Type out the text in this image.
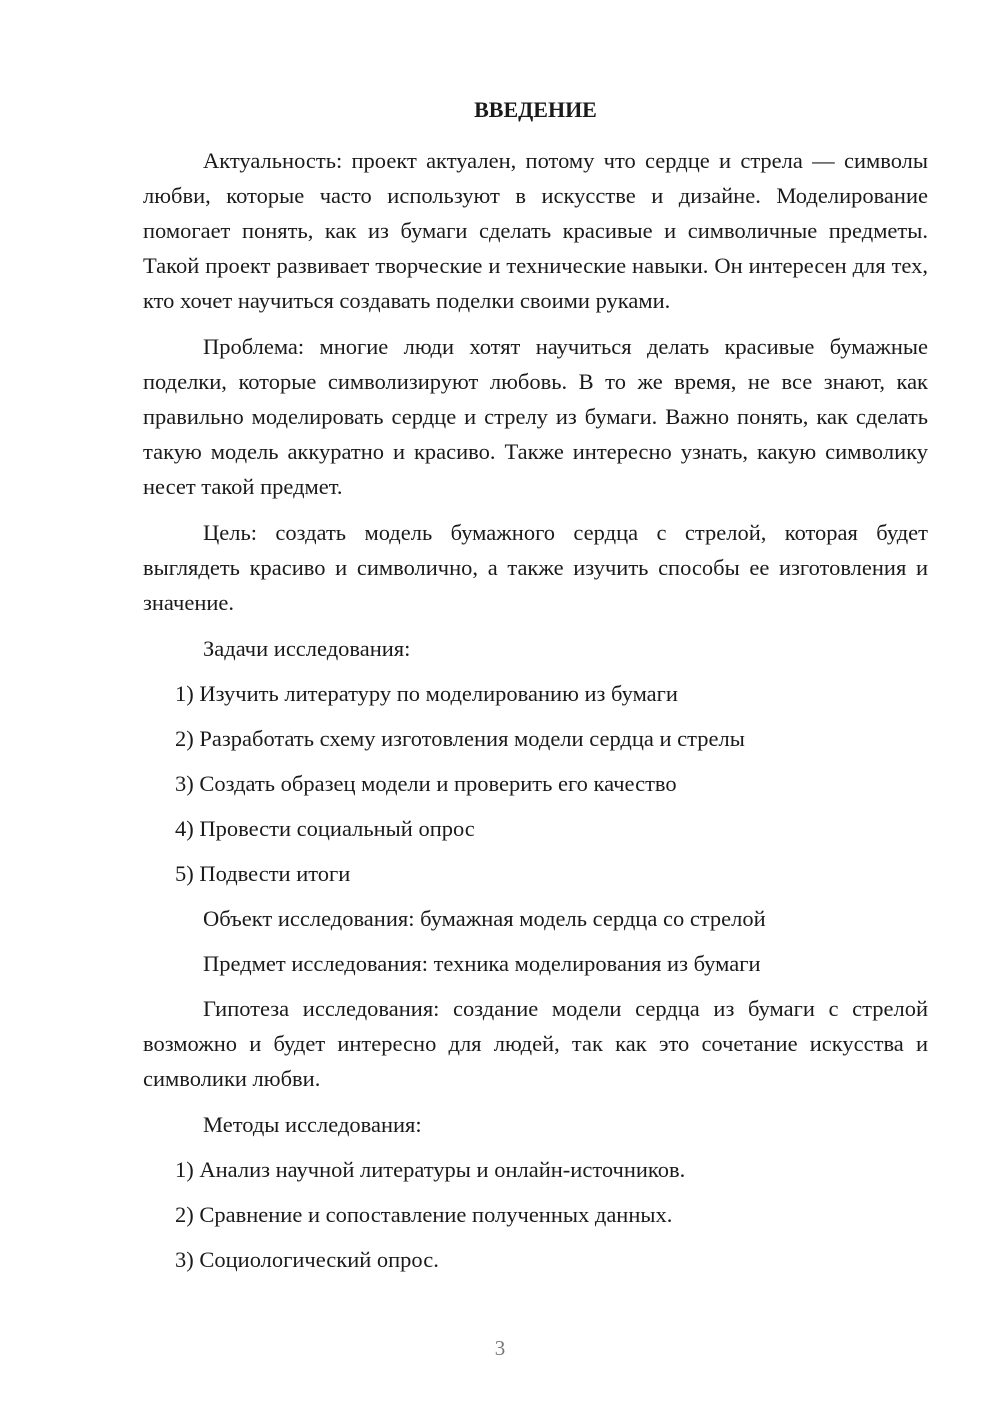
ВВЕДЕНИЕ

Актуальность: проект актуален, потому что сердце и стрела — символы любви, которые часто используют в искусстве и дизайне. Моделирование помогает понять, как из бумаги сделать красивые и символичные предметы. Такой проект развивает творческие и технические навыки. Он интересен для тех, кто хочет научиться создавать поделки своими руками.

Проблема: многие люди хотят научиться делать красивые бумажные поделки, которые символизируют любовь. В то же время, не все знают, как правильно моделировать сердце и стрелу из бумаги. Важно понять, как сделать такую модель аккуратно и красиво. Также интересно узнать, какую символику несет такой предмет.

Цель: создать модель бумажного сердца с стрелой, которая будет выглядеть красиво и символично, а также изучить способы ее изготовления и значение.

Задачи исследования:
1) Изучить литературу по моделированию из бумаги
2) Разработать схему изготовления модели сердца и стрелы
3) Создать образец модели и проверить его качество
4) Провести социальный опрос
5) Подвести итоги
Объект исследования: бумажная модель сердца со стрелой
Предмет исследования: техника моделирования из бумаги

Гипотеза исследования: создание модели сердца из бумаги с стрелой возможно и будет интересно для людей, так как это сочетание искусства и символики любви.

Методы исследования:
1) Анализ научной литературы и онлайн-источников.
2) Сравнение и сопоставление полученных данных.
3) Социологический опрос.
3
